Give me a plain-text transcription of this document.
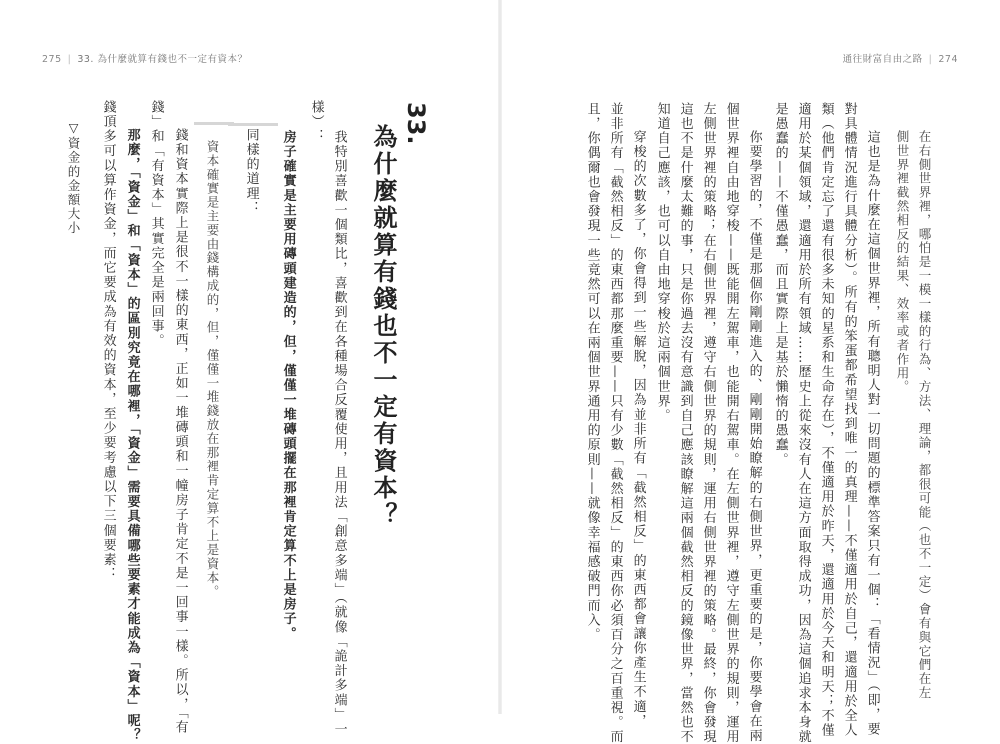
275 | 33. 為什麼就算有錢也不一定有資本？
33.
為什麼就算有錢也不一定有資本？
我特別喜歡一個類比，喜歡到在各種場合反覆使用，且用法「創意多端」（就像「詭計多端」一
樣）：
房子確實是主要用磚頭建造的，但，僅僅一堆磚頭擺在那裡肯定算不上是房子。
同樣的道理：
資本確實是主要由錢構成的，但，僅僅一堆錢放在那裡肯定算不上是資本。
錢和資本實際上是很不一樣的東西，正如一堆磚頭和一幢房子肯定不是一回事一樣。所以，「有
錢」和「有資本」其實完全是兩回事。
那麼，「資金」和「資本」的區別究竟在哪裡，「資金」需要具備哪些要素才能成為「資本」呢？
錢頂多可以算作資金，而它要成為有效的資本，至少要考慮以下三個要素：
▽資金的金額大小
通往財富自由之路 | 274
在右側世界裡，哪怕是一模一樣的行為、方法、理論，都很可能（也不一定）會有與它們在左
側世界裡截然相反的結果、效率或者作用。
這也是為什麼在這個世界裡，所有聰明人對一切問題的標準答案只有一個：「看情況」（即，要
對具體情況進行具體分析）。所有的笨蛋都希望找到唯一的真理——不僅適用於自己，還適用於全人
類（他們肯定忘了還有很多未知的星系和生命存在），不僅適用於昨天，還適用於今天和明天；不僅
適用於某個領域，還適用於所有領域……歷史上從來沒有人在這方面取得成功，因為這個追求本身就
是愚蠢的——不僅愚蠢，而且實際上是基於懶惰的愚蠢。
你要學習的，不僅是那個你剛剛進入的、剛剛開始瞭解的右側世界，更重要的是，你要學會在兩
個世界裡自由地穿梭——既能開左駕車，也能開右駕車。在左側世界裡，遵守左側世界的規則，運用
左側世界裡的策略；在右側世界裡，遵守右側世界的規則，運用右側世界裡的策略。最終，你會發現
這也不是什麼太難的事，只是你過去沒有意識到自己應該瞭解這兩個截然相反的鏡像世界，當然也不
知道自己應該，也可以自由地穿梭於這兩個世界。
穿梭的次數多了，你會得到一些解脫，因為並非所有「截然相反」的東西都會讓你產生不適，
並非所有「截然相反」的東西都那麼重要——只有少數「截然相反」的東西你必須百分之百重視。而
且，你偶爾也會發現一些竟然可以在兩個世界通用的原則——就像幸福感破門而入。
